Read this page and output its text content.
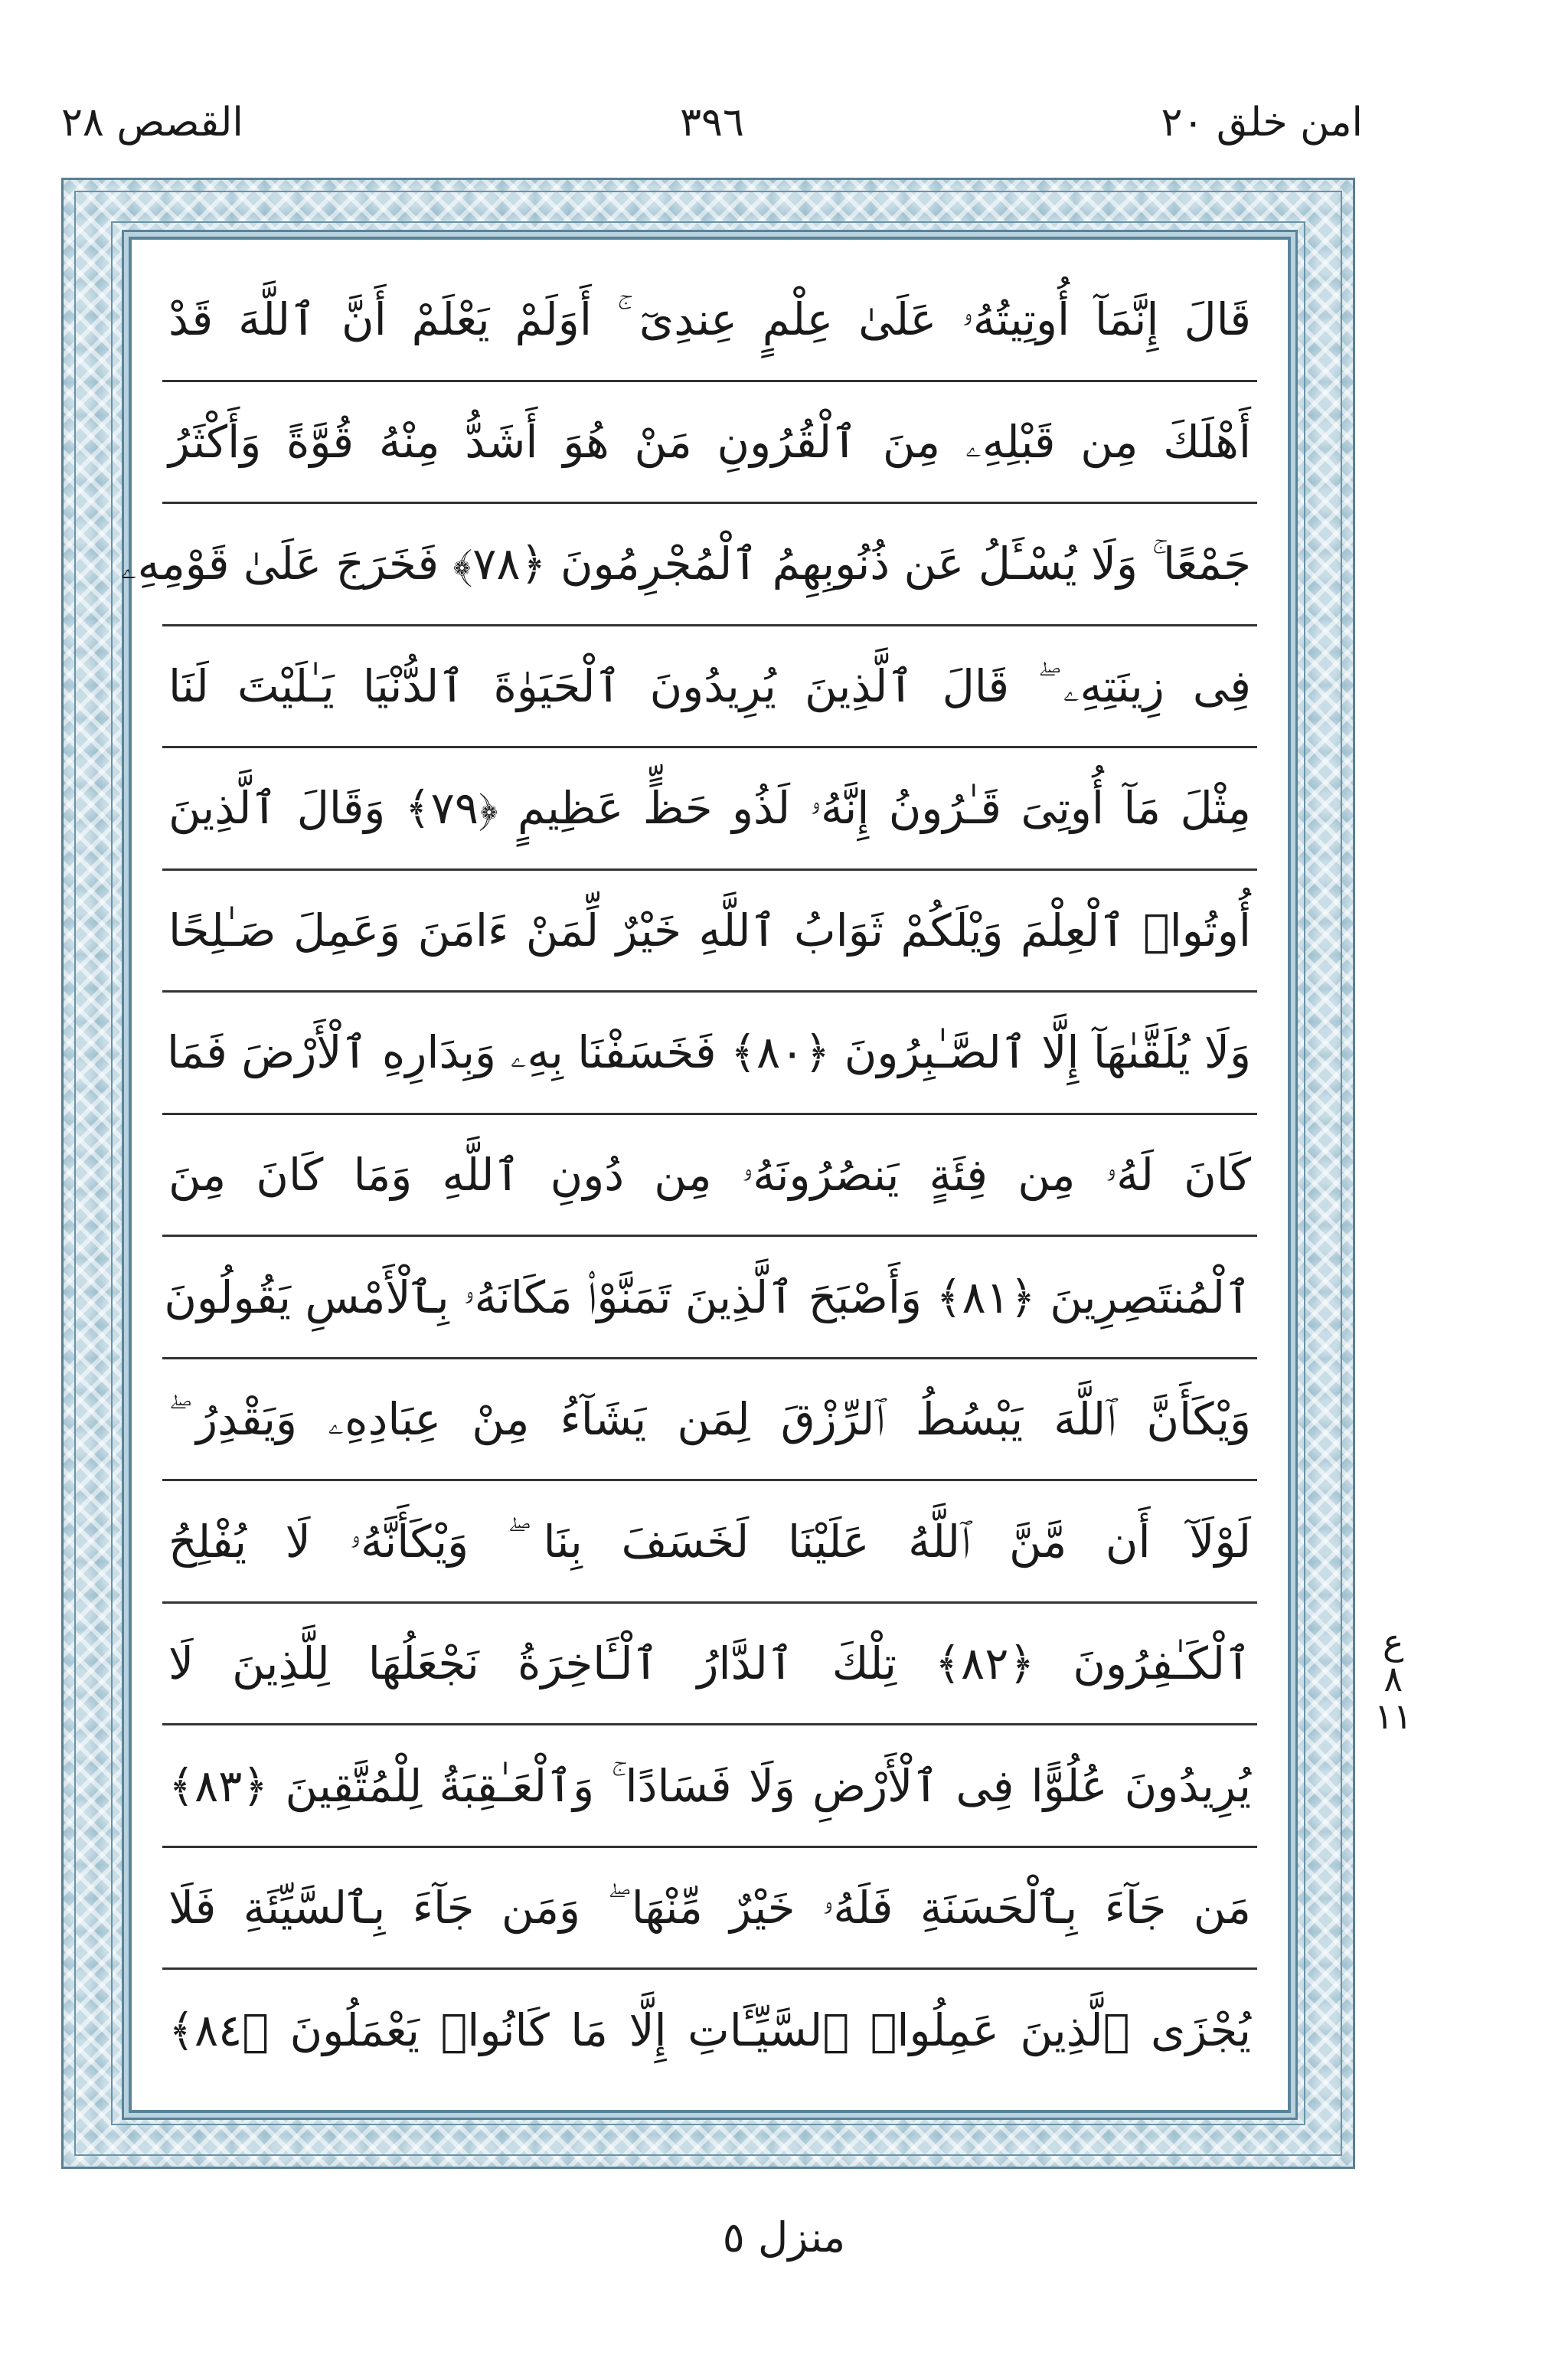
امن خلق ٢٠
٣٩٦
القصص ٢٨
قَالَ إِنَّمَآ أُوتِيتُهُۥ عَلَىٰ عِلْمٍ عِندِىٓ ۚ أَوَلَمْ يَعْلَمْ أَنَّ ٱللَّهَ قَدْ
أَهْلَكَ مِن قَبْلِهِۦ مِنَ ٱلْقُرُونِ مَنْ هُوَ أَشَدُّ مِنْهُ قُوَّةً وَأَكْثَرُ
جَمْعًا ۚ وَلَا يُسْـَٔلُ عَن ذُنُوبِهِمُ ٱلْمُجْرِمُونَ ﴿٧٨﴾ فَخَرَجَ عَلَىٰ قَوْمِهِۦ
فِى زِينَتِهِۦ ۖ قَالَ ٱلَّذِينَ يُرِيدُونَ ٱلْحَيَوٰةَ ٱلدُّنْيَا يَـٰلَيْتَ لَنَا
مِثْلَ مَآ أُوتِىَ قَـٰرُونُ إِنَّهُۥ لَذُو حَظٍّ عَظِيمٍ ﴿٧٩﴾ وَقَالَ ٱلَّذِينَ
أُوتُوا۟ ٱلْعِلْمَ وَيْلَكُمْ ثَوَابُ ٱللَّهِ خَيْرٌ لِّمَنْ ءَامَنَ وَعَمِلَ صَـٰلِحًا
وَلَا يُلَقَّىٰهَآ إِلَّا ٱلصَّـٰبِرُونَ ﴿٨٠﴾ فَخَسَفْنَا بِهِۦ وَبِدَارِهِ ٱلْأَرْضَ فَمَا
كَانَ لَهُۥ مِن فِئَةٍ يَنصُرُونَهُۥ مِن دُونِ ٱللَّهِ وَمَا كَانَ مِنَ
ٱلْمُنتَصِرِينَ ﴿٨١﴾ وَأَصْبَحَ ٱلَّذِينَ تَمَنَّوْا۟ مَكَانَهُۥ بِٱلْأَمْسِ يَقُولُونَ
وَيْكَأَنَّ ٱللَّهَ يَبْسُطُ ٱلرِّزْقَ لِمَن يَشَآءُ مِنْ عِبَادِهِۦ وَيَقْدِرُ ۖ
لَوْلَآ أَن مَّنَّ ٱللَّهُ عَلَيْنَا لَخَسَفَ بِنَا ۖ وَيْكَأَنَّهُۥ لَا يُفْلِحُ
ٱلْكَـٰفِرُونَ ﴿٨٢﴾ تِلْكَ ٱلدَّارُ ٱلْـَٔاخِرَةُ نَجْعَلُهَا لِلَّذِينَ لَا
يُرِيدُونَ عُلُوًّا فِى ٱلْأَرْضِ وَلَا فَسَادًا ۚ وَٱلْعَـٰقِبَةُ لِلْمُتَّقِينَ ﴿٨٣﴾
مَن جَآءَ بِٱلْحَسَنَةِ فَلَهُۥ خَيْرٌ مِّنْهَا ۖ وَمَن جَآءَ بِٱلسَّيِّئَةِ فَلَا
يُجْزَى ٱلَّذِينَ عَمِلُوا۟ ٱلسَّيِّـَٔاتِ إِلَّا مَا كَانُوا۟ يَعْمَلُونَ ﴿٨٤﴾
ع
٨
١١
منزل ٥
